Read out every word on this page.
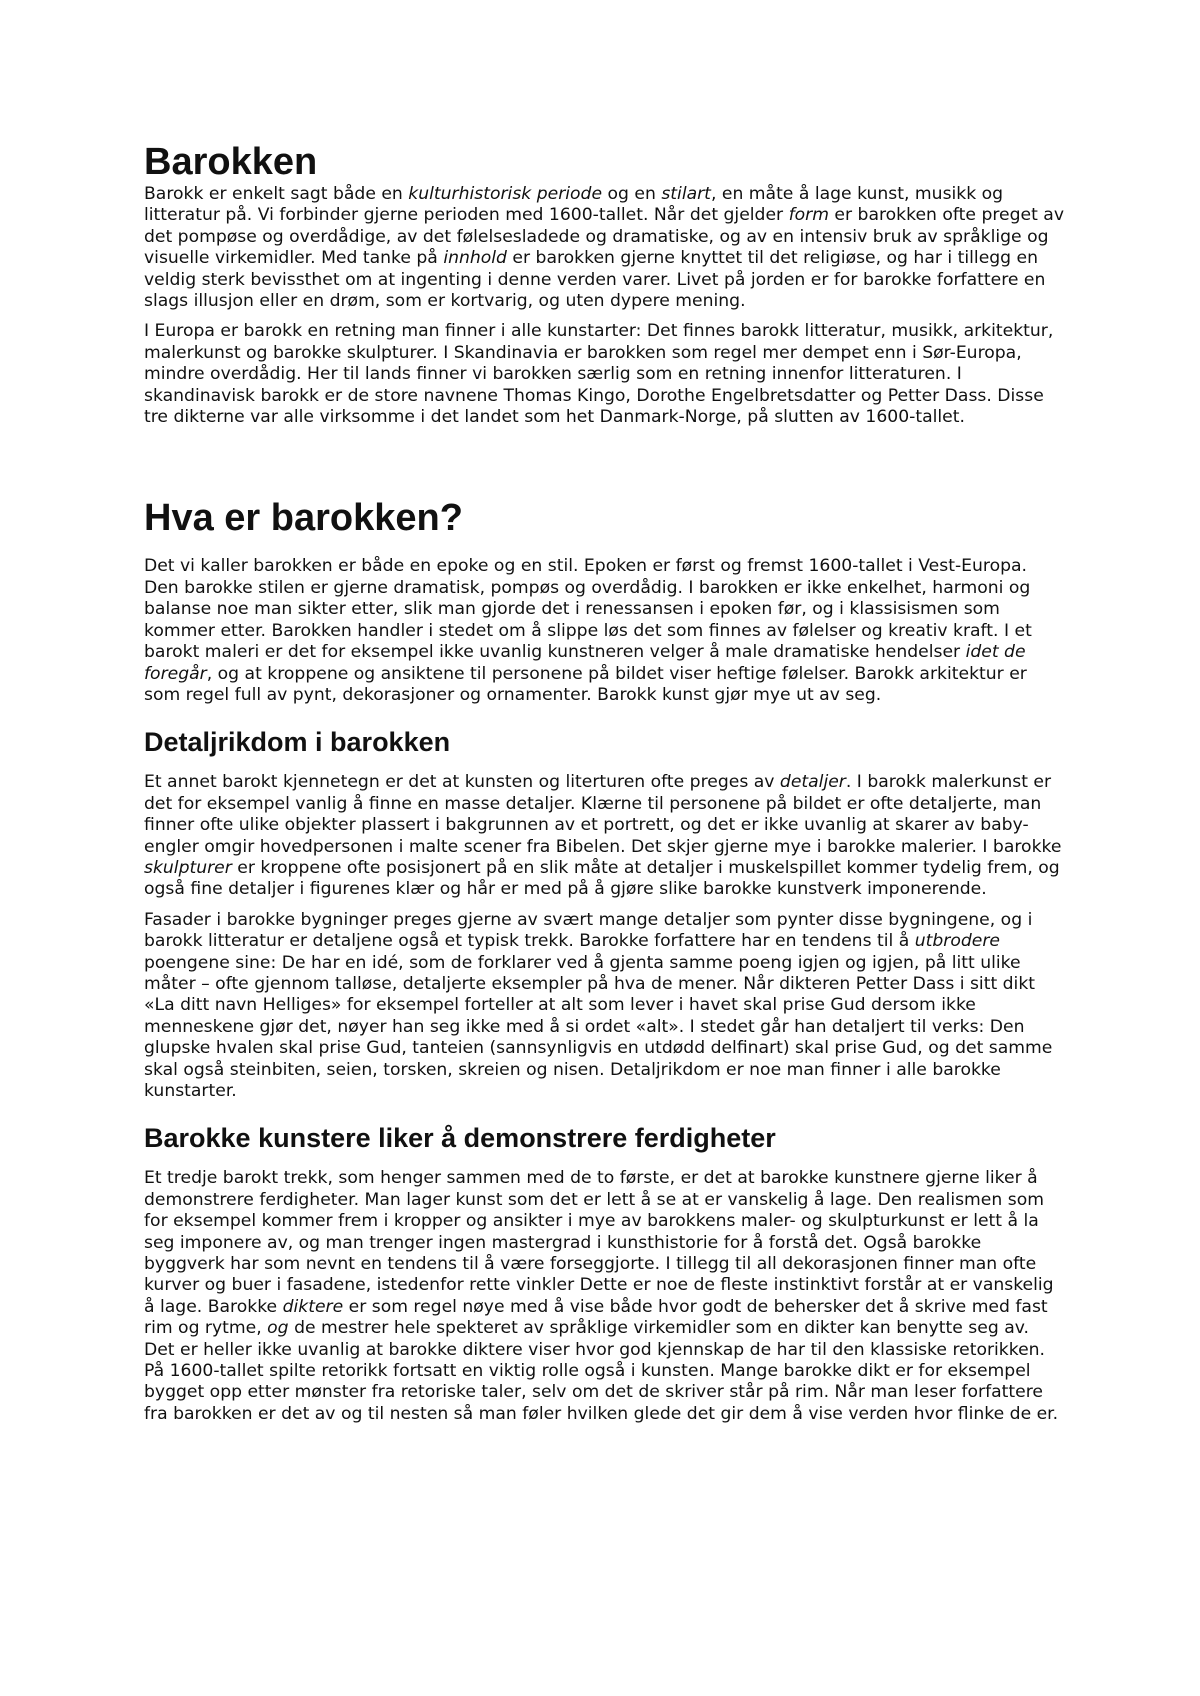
Barokken

Barokk er enkelt sagt både en kulturhistorisk periode og en stilart, en måte å lage kunst, musikk og litteratur på. Vi forbinder gjerne perioden med 1600-tallet. Når det gjelder form er barokken ofte preget av det pompøse og overdådige, av det følelsesladede og dramatiske, og av en intensiv bruk av språklige og visuelle virkemidler. Med tanke på innhold er barokken gjerne knyttet til det religiøse, og har i tillegg en veldig sterk bevissthet om at ingenting i denne verden varer. Livet på jorden er for barokke forfattere en slags illusjon eller en drøm, som er kortvarig, og uten dypere mening.

I Europa er barokk en retning man finner i alle kunstarter: Det finnes barokk litteratur, musikk, arkitektur, malerkunst og barokke skulpturer. I Skandinavia er barokken som regel mer dempet enn i Sør-Europa, mindre overdådig. Her til lands finner vi barokken særlig som en retning innenfor litteraturen. I skandinavisk barokk er de store navnene Thomas Kingo, Dorothe Engelbretsdatter og Petter Dass. Disse tre dikterne var alle virksomme i det landet som het Danmark-Norge, på slutten av 1600-tallet.

Hva er barokken?

Det vi kaller barokken er både en epoke og en stil. Epoken er først og fremst 1600-tallet i Vest-Europa. Den barokke stilen er gjerne dramatisk, pompøs og overdådig. I barokken er ikke enkelhet, harmoni og balanse noe man sikter etter, slik man gjorde det i renessansen i epoken før, og i klassisismen som kommer etter. Barokken handler i stedet om å slippe løs det som finnes av følelser og kreativ kraft. I et barokt maleri er det for eksempel ikke uvanlig kunstneren velger å male dramatiske hendelser idet de foregår, og at kroppene og ansiktene til personene på bildet viser heftige følelser. Barokk arkitektur er som regel full av pynt, dekorasjoner og ornamenter. Barokk kunst gjør mye ut av seg.

Detaljrikdom i barokken

Et annet barokt kjennetegn er det at kunsten og literturen ofte preges av detaljer. I barokk malerkunst er det for eksempel vanlig å finne en masse detaljer. Klærne til personene på bildet er ofte detaljerte, man finner ofte ulike objekter plassert i bakgrunnen av et portrett, og det er ikke uvanlig at skarer av baby-engler omgir hovedpersonen i malte scener fra Bibelen. Det skjer gjerne mye i barokke malerier. I barokke skulpturer er kroppene ofte posisjonert på en slik måte at detaljer i muskelspillet kommer tydelig frem, og også fine detaljer i figurenes klær og hår er med på å gjøre slike barokke kunstverk imponerende.

Fasader i barokke bygninger preges gjerne av svært mange detaljer som pynter disse bygningene, og i barokk litteratur er detaljene også et typisk trekk. Barokke forfattere har en tendens til å utbrodere poengene sine: De har en idé, som de forklarer ved å gjenta samme poeng igjen og igjen, på litt ulike måter – ofte gjennom talløse, detaljerte eksempler på hva de mener. Når dikteren Petter Dass i sitt dikt «La ditt navn Helliges» for eksempel forteller at alt som lever i havet skal prise Gud dersom ikke menneskene gjør det, nøyer han seg ikke med å si ordet «alt». I stedet går han detaljert til verks: Den glupske hvalen skal prise Gud, tanteien (sannsynligvis en utdødd delfinart) skal prise Gud, og det samme skal også steinbiten, seien, torsken, skreien og nisen. Detaljrikdom er noe man finner i alle barokke kunstarter.

Barokke kunstere liker å demonstrere ferdigheter

Et tredje barokt trekk, som henger sammen med de to første, er det at barokke kunstnere gjerne liker å demonstrere ferdigheter. Man lager kunst som det er lett å se at er vanskelig å lage. Den realismen som for eksempel kommer frem i kropper og ansikter i mye av barokkens maler- og skulpturkunst er lett å la seg imponere av, og man trenger ingen mastergrad i kunsthistorie for å forstå det. Også barokke byggverk har som nevnt en tendens til å være forseggjorte. I tillegg til all dekorasjonen finner man ofte kurver og buer i fasadene, istedenfor rette vinkler Dette er noe de fleste instinktivt forstår at er vanskelig å lage. Barokke diktere er som regel nøye med å vise både hvor godt de behersker det å skrive med fast rim og rytme, og de mestrer hele spekteret av språklige virkemidler som en dikter kan benytte seg av. Det er heller ikke uvanlig at barokke diktere viser hvor god kjennskap de har til den klassiske retorikken. På 1600-tallet spilte retorikk fortsatt en viktig rolle også i kunsten. Mange barokke dikt er for eksempel bygget opp etter mønster fra retoriske taler, selv om det de skriver står på rim. Når man leser forfattere fra barokken er det av og til nesten så man føler hvilken glede det gir dem å vise verden hvor flinke de er.
